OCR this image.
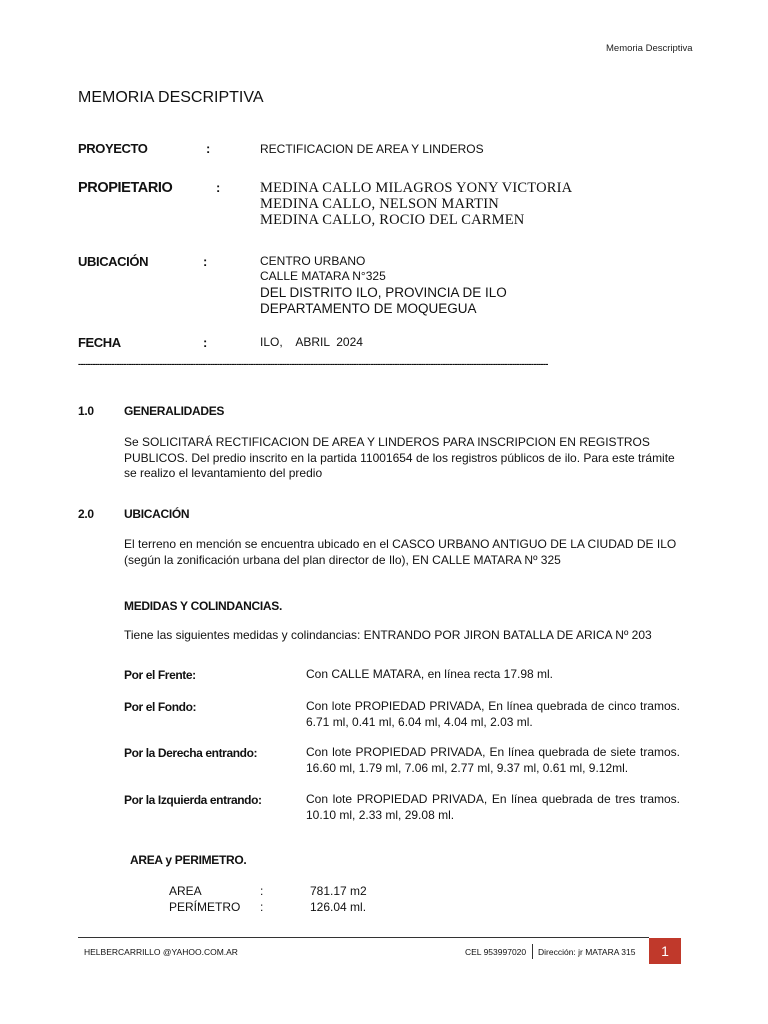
Memoria Descriptiva
MEMORIA DESCRIPTIVA
PROYECTO	:	RECTIFICACION DE AREA Y LINDEROS
PROPIETARIO	:	MEDINA CALLO MILAGROS YONY VICTORIA
MEDINA CALLO, NELSON MARTIN
MEDINA CALLO, ROCIO DEL CARMEN
UBICACIÓN	:	CENTRO URBANO
CALLE MATARA N°325
DEL DISTRITO ILO, PROVINCIA DE ILO
DEPARTAMENTO DE MOQUEGUA
FECHA	:	ILO,    ABRIL  2024
----------------------------------------------------------------------------------------------------------------------------------------------------------------------------------------------------
1.0	GENERALIDADES
Se SOLICITARÁ RECTIFICACION DE AREA Y LINDEROS PARA INSCRIPCION EN REGISTROS PUBLICOS. Del predio inscrito en la partida 11001654 de los registros públicos de ilo. Para este trámite se realizo el levantamiento del predio
2.0	UBICACIÓN
El terreno en mención se encuentra ubicado en el CASCO URBANO ANTIGUO DE LA CIUDAD DE ILO (según la zonificación urbana del plan director de Ilo), EN CALLE MATARA Nº 325
MEDIDAS Y COLINDANCIAS.
Tiene las siguientes medidas y colindancias: ENTRANDO POR JIRON BATALLA DE ARICA Nº 203
Por el Frente:	Con CALLE MATARA, en línea recta 17.98 ml.
Por el Fondo:	Con lote PROPIEDAD PRIVADA, En línea quebrada de cinco tramos. 6.71 ml, 0.41 ml, 6.04 ml, 4.04 ml, 2.03 ml.
Por la Derecha entrando:	Con lote PROPIEDAD PRIVADA, En línea quebrada de siete tramos. 16.60 ml, 1.79 ml, 7.06 ml, 2.77 ml, 9.37 ml, 0.61 ml, 9.12ml.
Por la Izquierda entrando:	Con lote PROPIEDAD PRIVADA, En línea quebrada de tres tramos. 10.10 ml, 2.33 ml, 29.08 ml.
AREA y PERIMETRO.
AREA	:	781.17 m2
PERÍMETRO :	126.04 ml.
HELBERCARRILLO @YAHOO.COM.AR	CEL 953997020 Dirección: jr MATARA 315 1
